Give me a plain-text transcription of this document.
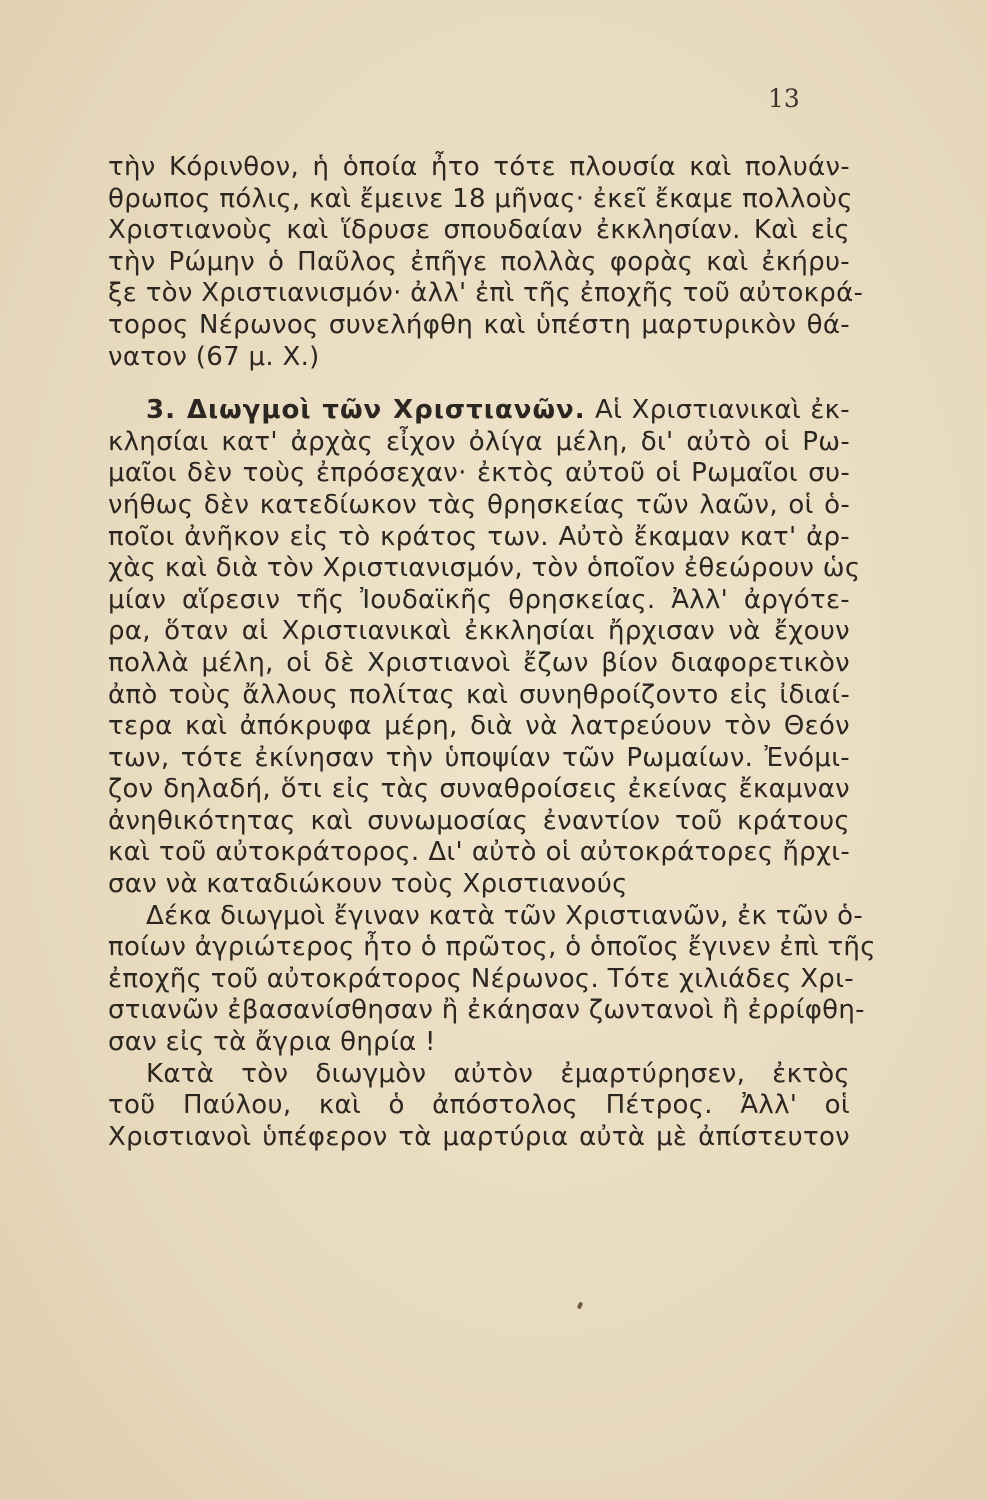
13
τὴν Κόρινθον, ἡ ὁποία ἦτο τότε πλουσία καὶ πολυάν-
θρωπος πόλις, καὶ ἔμεινε 18 μῆνας· ἐκεῖ ἔκαμε πολλοὺς
Χριστιανοὺς καὶ ἵδρυσε σπουδαίαν ἐκκλησίαν. Καὶ εἰς
τὴν Ρώμην ὁ Παῦλος ἐπῆγε πολλὰς φορὰς καὶ ἐκήρυ-
ξε τὸν Χριστιανισμόν· ἀλλ' ἐπὶ τῆς ἐποχῆς τοῦ αὐτοκρά-
τορος Νέρωνος συνελήφθη καὶ ὑπέστη μαρτυρικὸν θά-
νατον (67 μ. Χ.)
3. Διωγμοὶ τῶν Χριστιανῶν. Αἱ Χριστιανικαὶ ἐκ-
κλησίαι κατ' ἀρχὰς εἶχον ὀλίγα μέλη, δι' αὐτὸ οἱ Ρω-
μαῖοι δὲν τοὺς ἐπρόσεχαν· ἐκτὸς αὐτοῦ οἱ Ρωμαῖοι συ-
νήθως δὲν κατεδίωκον τὰς θρησκείας τῶν λαῶν, οἱ ὁ-
ποῖοι ἀνῆκον εἰς τὸ κράτος των. Αὐτὸ ἔκαμαν κατ' ἀρ-
χὰς καὶ διὰ τὸν Χριστιανισμόν, τὸν ὁποῖον ἐθεώρουν ὡς
μίαν αἵρεσιν τῆς Ἰουδαϊκῆς θρησκείας. Ἀλλ' ἀργότε-
ρα, ὅταν αἱ Χριστιανικαὶ ἐκκλησίαι ἤρχισαν νὰ ἔχουν
πολλὰ μέλη, οἱ δὲ Χριστιανοὶ ἔζων βίον διαφορετικὸν
ἀπὸ τοὺς ἄλλους πολίτας καὶ συνηθροίζοντο εἰς ἰδιαί-
τερα καὶ ἀπόκρυφα μέρη, διὰ νὰ λατρεύουν τὸν Θεόν
των, τότε ἐκίνησαν τὴν ὑποψίαν τῶν Ρωμαίων. Ἐνόμι-
ζον δηλαδή, ὅτι εἰς τὰς συναθροίσεις ἐκείνας ἔκαμναν
ἀνηθικότητας καὶ συνωμοσίας ἐναντίον τοῦ κράτους
καὶ τοῦ αὐτοκράτορος. Δι' αὐτὸ οἱ αὐτοκράτορες ἤρχι-
σαν νὰ καταδιώκουν τοὺς Χριστιανούς
Δέκα διωγμοὶ ἔγιναν κατὰ τῶν Χριστιανῶν, ἐκ τῶν ὁ-
ποίων ἀγριώτερος ἦτο ὁ πρῶτος, ὁ ὁποῖος ἔγινεν ἐπὶ τῆς
ἐποχῆς τοῦ αὐτοκράτορος Νέρωνος. Τότε χιλιάδες Χρι-
στιανῶν ἐβασανίσθησαν ἢ ἐκάησαν ζωντανοὶ ἢ ἐρρίφθη-
σαν εἰς τὰ ἄγρια θηρία !
Κατὰ τὸν διωγμὸν αὐτὸν ἐμαρτύρησεν, ἐκτὸς
τοῦ Παύλου, καὶ ὁ ἀπόστολος Πέτρος. Ἀλλ' οἱ
Χριστιανοὶ ὑπέφερον τὰ μαρτύρια αὐτὰ μὲ ἀπίστευτον
